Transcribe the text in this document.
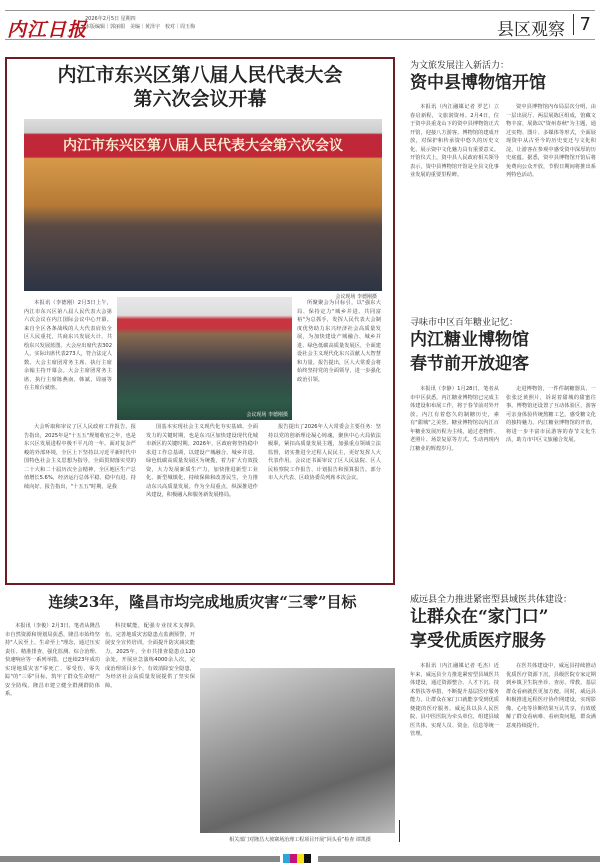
内江日报
2026年2月5日 星期四
本版编辑｜郭丽娟　美编｜黄泽宇　校对｜周玉梅	县区观察 7
内江市东兴区第八届人民代表大会
第六次会议开幕
内江市东兴区第八届人民代表大会第六次会议
会议现场 李德刚摄
本报讯（李德刚）2月3日上午，内江市东兴区第八届人民代表大会第六次会议在内江国际会议中心开幕。来自全区各条战线的人大代表肩负全区人民重托，共商东兴发展大计，共绘东兴发展蓝图。大会应出席代表302人，实际出席代表273人，符合法定人数。大会主席团常务主席、执行主席余翰主持开幕会。大会主席团常务主席、执行主席陈燕南、韩斌、周丽等在主席台就座。
会议现场 李德刚摄
所聚聚会为目标引，以"强东大局、保持定力"城乡并进、共同富裕"为总抓手，发挥人民代表大会制度优势助力东兴经济社会高质量发展，为加快建设产城融合、城乡并进、绿色低碳高质量发展区，全面建设社会主义现代化东兴贡献人大智慧和力量。报告提出，区人大常委会将始终坚持党的全面领导，进一步强化政治引领。
大会听取和审议了区人民政府工作报告。报告指出，2025年是"十五五"规划收官之年，也是东兴区发展进程中极不平凡的一年。面对复杂严峻的外部环境，全区上下坚持以习近平新时代中国特色社会主义思想为指导，全面贯彻落实党的二十大和二十届历次全会精神，全区地区生产总值增长5.6%，经济运行总体平稳、稳中有进、持续向好。报告指出，"十五五"时期，是我
国基本实现社会主义现代化夯实基础、全面发力的关键时期，也是东兴区加快建设现代化城市新区的关键时期。2026年，区政府将坚持稳中求进工作总基调，以建设产城融合、城乡并进、绿色低碳高质量发展区为统揽，着力扩大有效投资，大力发展新质生产力，加快推进新型工业化、新型城镇化，持续保障和改善民生，全力推动东兴高质量发展。作为全局重点，纵深推进作风建设，积极融入和服务新发展格局。
报告提出了2026年人大常委会主要任务：坚持以党的创新理论凝心铸魂，聚焦中心大局依法履职，紧扣高质量发展主题，加强重点领域立法监督，切实推进全过程人民民主，更好发挥人大代表作用。会议还书面审议了区人民法院、区人民检察院工作报告、计划报告和预算报告。部分市人大代表、区政协委员列席本次会议。
为文旅发展注入新活力：
资中县博物馆开馆
本报讯（内江融媒记者 罗艺）立春启新程，文旅润资州。2月4日，位于资中县重龙山下的资中县博物馆正式开馆，迎接八方游客。博物馆的建成开放，对保护和传承资中悠久的历史文化、展示资中文化魅力具有重要意义。开馆仪式上，资中县人民政府相关领导表示，资中县博物馆开馆是全县文化事业发展的重要里程碑。
资中县博物馆内布局层次分明，由一层出展厅、两层展陈区组成，馆藏文物丰富，展陈以"资州春秋"为主题，通过实物、图片、多媒体等形式，全面展现资中从古至今的历史变迁与文化积淀，让游客在参观中感受资中深厚的历史底蕴。据悉，资中县博物馆开馆后将免费向公众开放，节假日期间将推出系列特色活动。
寻味市中区百年糖业记忆：
内江糖业博物馆
春节前开放迎客
本报讯（李静）1月28日，笔者从市中区获悉，内江糖业博物馆已完成主体建设和布展工作，将于春节前对外开放。内江有着悠久的制糖历史，素有"甜城"之美誉。糖业博物馆以内江百年糖业发展历程为主线，通过老物件、老照片、场景复原等方式，生动再现内江糖业的辉煌岁月。
走进博物馆，一件件制糖器具、一张张泛黄照片，诉说着甜城的甜蜜往事。博物馆还设置了互动体验区，游客可亲身体验传统熬糖工艺，感受糖文化的独特魅力。内江糖业博物馆的开放，将进一步丰富市民游客的春节文化生活，助力市中区文旅融合发展。
威远县全力推进紧密型县域医共体建设：
让群众在“家门口”
享受优质医疗服务
本报讯（内江融媒记者 毛杰）近年来，威远县全力推进紧密型县域医共体建设，通过资源整合、人才下沉、技术帮扶等举措，不断提升基层医疗服务能力，让群众在家门口就能享受到优质便捷的医疗服务。威远县以县人民医院、县中医医院为牵头单位，组建县域医共体，实现人员、资金、信息等统一管理。
在医共体建设中，威远县持续推动优质医疗资源下沉，县级医院专家定期到乡镇卫生院坐诊、查房、带教，基层群众看病就医更加方便。同时，威远县积极推进远程医疗协作网建设，实现影像、心电等诊断结果互认共享，有效缓解了群众看病难、看病贵问题，群众满意度持续提升。
连续23年，隆昌市均完成地质灾害“三零”目标
本报讯（李俊）2月3日，笔者从隆昌市自然资源和规划局获悉，隆昌市始终坚持"人民至上、生命至上"理念，通过压实责任、精准排查、强化监测、综合治理、快速响应等一系列举措，已连续23年成功实现地质灾害"零死亡、零受伤、零失踪"的"三零"目标，筑牢了群众生命财产安全防线。隆昌市建立健全群测群防体系。
科技赋能，配强专业技术支撑队伍，完善地质灾害隐患点监测预警，开展安全宣传培训，全面提升防灾减灾能力。2025年，全市共排查隐患点120余处，开展应急演练4000余人次，完成治理项目多个，有效消除安全隐患，为经济社会高质量发展提供了坚实保障。
相关部门对隆昌大坡寨场治理工程项目开展“回头看”检查 谭凯摄
